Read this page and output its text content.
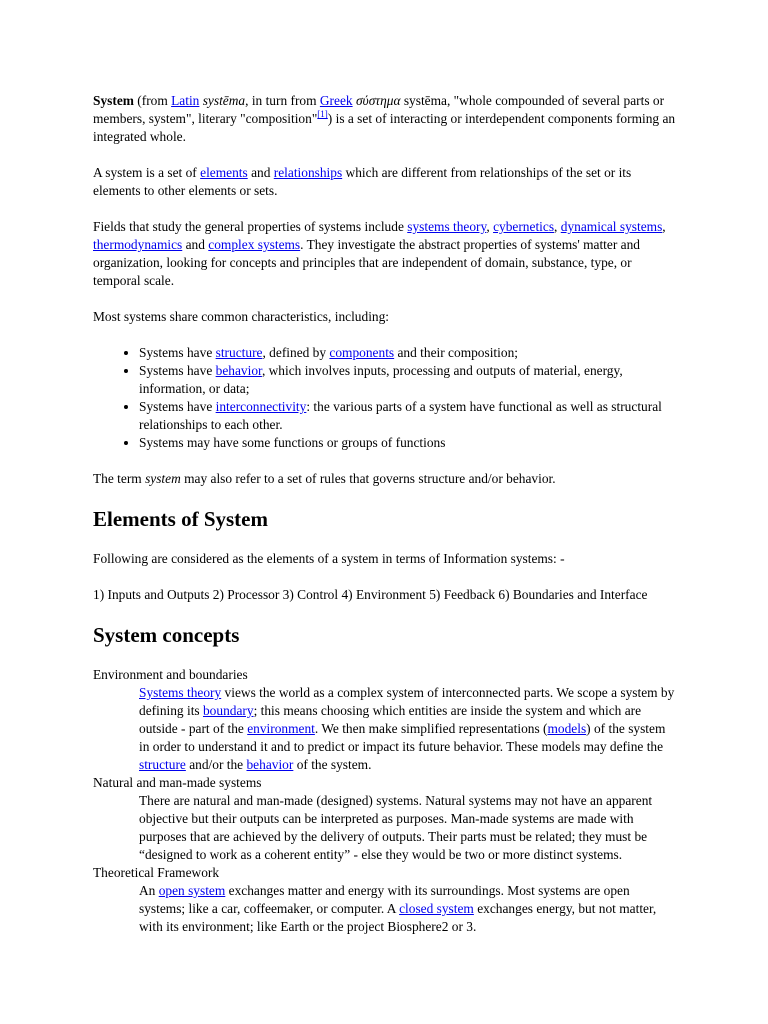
System (from Latin systēma, in turn from Greek σύστημα systēma, "whole compounded of several parts or members, system", literary "composition"[1]) is a set of interacting or interdependent components forming an integrated whole.

A system is a set of elements and relationships which are different from relationships of the set or its elements to other elements or sets.

Fields that study the general properties of systems include systems theory, cybernetics, dynamical systems, thermodynamics and complex systems. They investigate the abstract properties of systems' matter and organization, looking for concepts and principles that are independent of domain, substance, type, or temporal scale.

Most systems share common characteristics, including:

• Systems have structure, defined by components and their composition;
• Systems have behavior, which involves inputs, processing and outputs of material, energy, information, or data;
• Systems have interconnectivity: the various parts of a system have functional as well as structural relationships to each other.
• Systems may have some functions or groups of functions

The term system may also refer to a set of rules that governs structure and/or behavior.

Elements of System

Following are considered as the elements of a system in terms of Information systems: -

1) Inputs and Outputs 2) Processor 3) Control 4) Environment 5) Feedback 6) Boundaries and Interface

System concepts
Environment and boundaries
Systems theory views the world as a complex system of interconnected parts. We scope a system by defining its boundary; this means choosing which entities are inside the system and which are outside - part of the environment. We then make simplified representations (models) of the system in order to understand it and to predict or impact its future behavior. These models may define the structure and/or the behavior of the system.
Natural and man-made systems
There are natural and man-made (designed) systems. Natural systems may not have an apparent objective but their outputs can be interpreted as purposes. Man-made systems are made with purposes that are achieved by the delivery of outputs. Their parts must be related; they must be “designed to work as a coherent entity” - else they would be two or more distinct systems.
Theoretical Framework
An open system exchanges matter and energy with its surroundings. Most systems are open systems; like a car, coffeemaker, or computer. A closed system exchanges energy, but not matter, with its environment; like Earth or the project Biosphere2 or 3.
